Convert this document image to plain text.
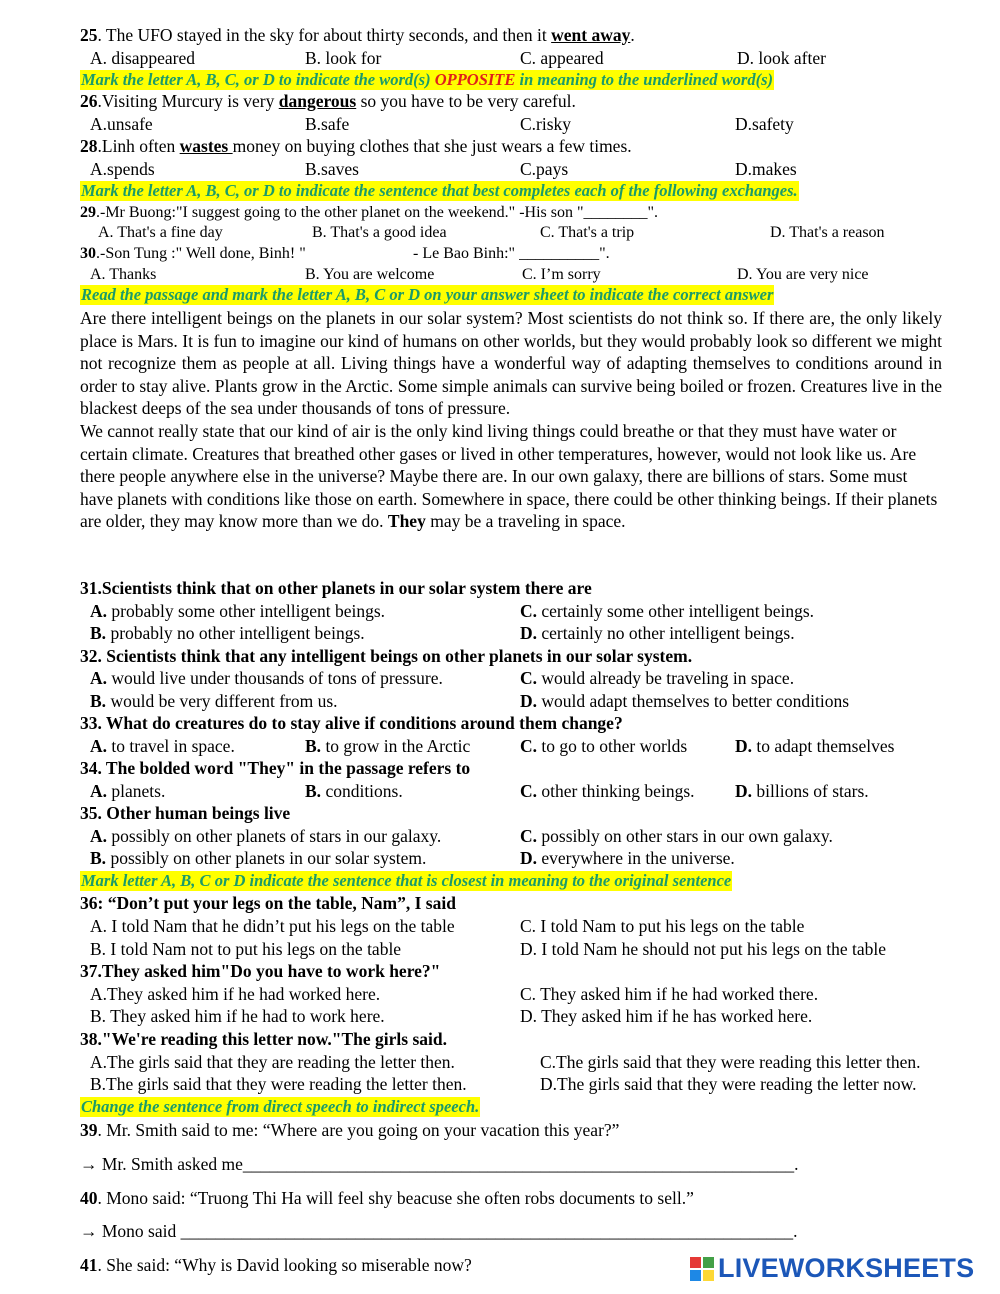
25. The UFO stayed in the sky for about thirty seconds, and then it went away.
A. disappeared	B. look for	C. appeared	D. look after
Mark the letter A, B, C, or D to indicate the word(s) OPPOSITE in meaning to the underlined word(s)
26.Visiting Murcury is very dangerous so you have to be very careful.
A.unsafe	B.safe	C.risky	D.safety
28.Linh often wastes money on buying clothes that she just wears a few times.
A.spends	B.saves	C.pays	D.makes
Mark the letter A, B, C, or D to indicate the sentence that best completes each of the following exchanges.
29.-Mr Buong:"I suggest going to the other planet on the weekend." -His son "________".
A. That's a fine day	B. That's a good idea	C. That's a trip	D. That's a reason
30.-Son Tung :" Well done, Binh! "	- Le Bao Binh:" __________".
A. Thanks	B. You are welcome	C. I’m sorry	D. You are very nice
Read the passage and mark the letter A, B, C or D on your answer sheet to indicate the correct answer

Are there intelligent beings on the planets in our solar system? Most scientists do not think so. If there are, the only likely place is Mars. It is fun to imagine our kind of humans on other worlds, but they would probably look so different we might not recognize them as people at all. Living things have a wonderful way of adapting themselves to conditions around in order to stay alive. Plants grow in the Arctic. Some simple animals can survive being boiled or frozen. Creatures live in the blackest deeps of the sea under thousands of tons of pressure.

We cannot really state that our kind of air is the only kind living things could breathe or that they must have water or certain climate. Creatures that breathed other gases or lived in other temperatures, however, would not look like us. Are there people anywhere else in the universe? Maybe there are. In our own galaxy, there are billions of stars. Some must have planets with conditions like those on earth. Somewhere in space, there could be other thinking beings. If their planets are older, they may know more than we do. They may be a traveling in space.

31.Scientists think that on other planets in our solar system there are
A. probably some other intelligent beings.	C. certainly some other intelligent beings.
B. probably no other intelligent beings.	D. certainly no other intelligent beings.
32. Scientists think that any intelligent beings on other planets in our solar system.
A. would live under thousands of tons of pressure.	C. would already be traveling in space.
B. would be very different from us.	D. would adapt themselves to better conditions
33. What do creatures do to stay alive if conditions around them change?
A. to travel in space.	B. to grow in the Arctic	C. to go to other worlds	D. to adapt themselves
34. The bolded word "They" in the passage refers to
A. planets.	B. conditions.	C. other thinking beings. D. billions of stars.
35. Other human beings live
A. possibly on other planets of stars in our galaxy.	C. possibly on other stars in our own galaxy.
B. possibly on other planets in our solar system.	D. everywhere in the universe.
Mark letter A, B, C or D indicate the sentence that is closest in meaning to the original sentence
36: “Don’t put your legs on the table, Nam”, I said
A. I told Nam that he didn’t put his legs on the table	C. I told Nam to put his legs on the table
B. I told Nam not to put his legs on the table	D. I told Nam he should not put his legs on the table
37.They asked him"Do you have to work here?"
A.They asked him if he had worked here.	C. They asked him if he had worked there.
B. They asked him if he had to work here.	D. They asked him if he has worked here.
38."We're reading this letter now."The girls said.
A.The girls said that they are reading the letter then.	C.The girls said that they were reading this letter then.
B.The girls said that they were reading the letter then.	D.The girls said that they were reading the letter now.
Change the sentence from direct speech to indirect speech.
39. Mr. Smith said to me: “Where are you going on your vacation this year?”
→ Mr. Smith asked me_______________________________________________________________.
40. Mono said: “Truong Thi Ha will feel shy beacuse she often robs documents to sell.”
→ Mono said ______________________________________________________________________.
41. She said: “Why is David looking so miserable now?	LIVEWORKSHEETS
